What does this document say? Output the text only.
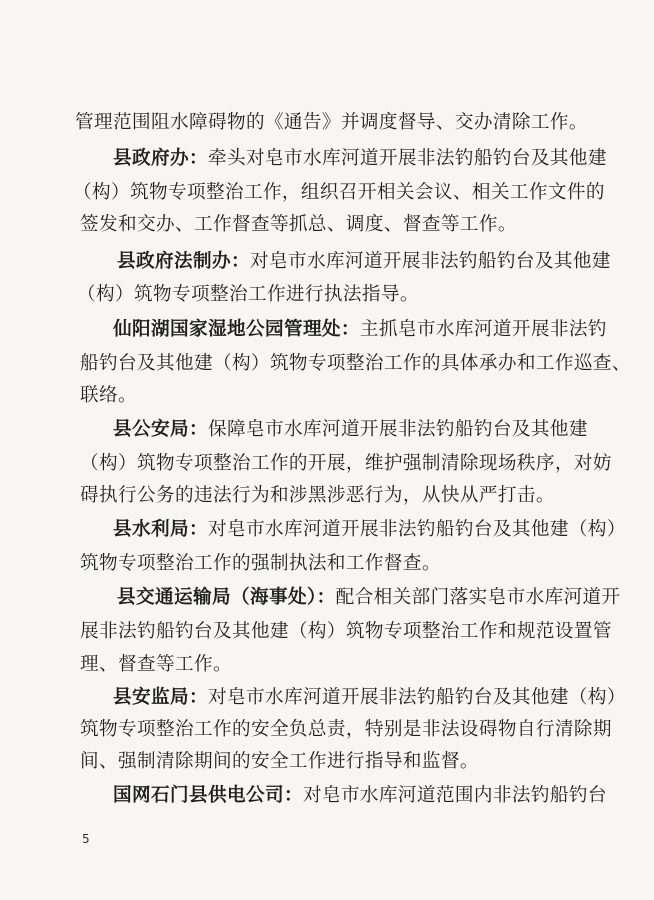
管理范围阻水障碍物的《通告》并调度督导、交办清除工作。
县政府办：牵头对皂市水库河道开展非法钓船钓台及其他建
（构）筑物专项整治工作，组织召开相关会议、相关工作文件的
签发和交办、工作督查等抓总、调度、督查等工作。
县政府法制办：对皂市水库河道开展非法钓船钓台及其他建
（构）筑物专项整治工作进行执法指导。
仙阳湖国家湿地公园管理处：主抓皂市水库河道开展非法钓
船钓台及其他建（构）筑物专项整治工作的具体承办和工作巡查、
联络。
县公安局：保障皂市水库河道开展非法钓船钓台及其他建
（构）筑物专项整治工作的开展，维护强制清除现场秩序，对妨
碍执行公务的违法行为和涉黑涉恶行为，从快从严打击。
县水利局：对皂市水库河道开展非法钓船钓台及其他建（构）
筑物专项整治工作的强制执法和工作督查。
县交通运输局（海事处）：配合相关部门落实皂市水库河道开
展非法钓船钓台及其他建（构）筑物专项整治工作和规范设置管
理、督查等工作。
县安监局：对皂市水库河道开展非法钓船钓台及其他建（构）
筑物专项整治工作的安全负总责，特别是非法设碍物自行清除期
间、强制清除期间的安全工作进行指导和监督。
国网石门县供电公司：对皂市水库河道范围内非法钓船钓台
5
